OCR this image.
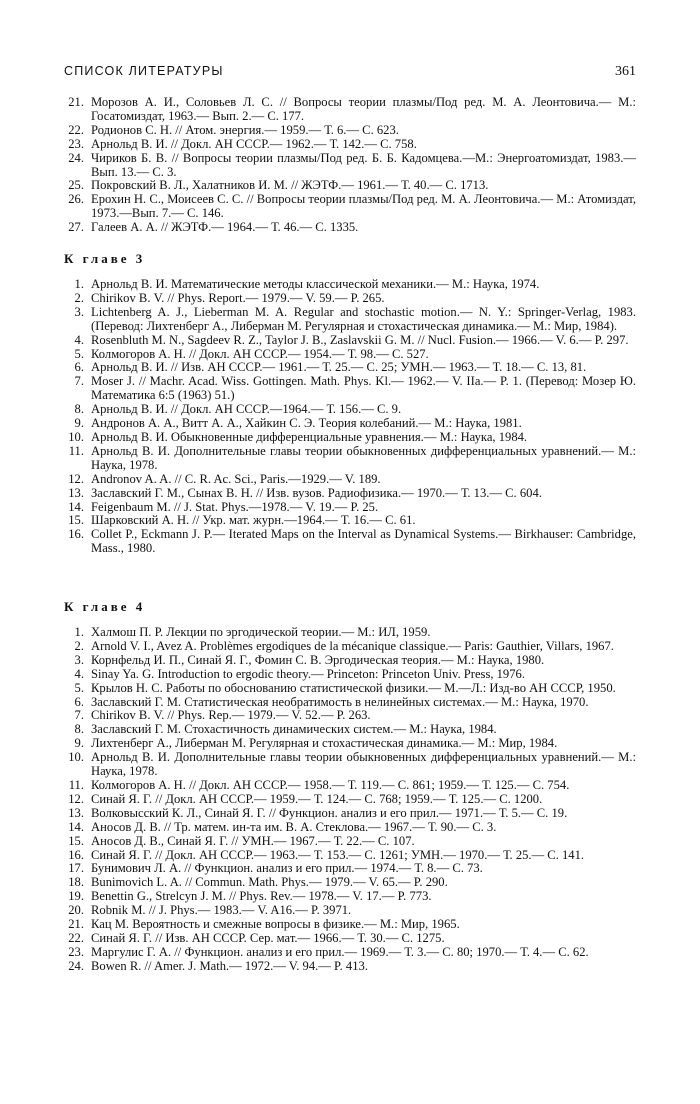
СПИСОК ЛИТЕРАТУРЫ	361
21. Морозов А. И., Соловьев Л. С. // Вопросы теории плазмы/Под ред. М. А. Леонтовича.— М.: Госатомиздат, 1963.— Вып. 2.— С. 177.
22. Родионов С. Н. // Атом. энергия.— 1959.— Т. 6.— С. 623.
23. Арнольд В. И. // Докл. АН СССР.— 1962.— Т. 142.— С. 758.
24. Чириков Б. В. // Вопросы теории плазмы/Под ред. Б. Б. Кадомцева.—М.: Энергоатомиздат, 1983.— Вып. 13.— С. 3.
25. Покровский В. Л., Халатников И. М. // ЖЭТФ.— 1961.— Т. 40.— С. 1713.
26. Ерохин Н. С., Моисеев С. С. // Вопросы теории плазмы/Под ред. М. А. Леонтовича.— М.: Атомиздат, 1973.—Вып. 7.— С. 146.
27. Галеев А. А. // ЖЭТФ.— 1964.— Т. 46.— С. 1335.
К главе 3
1. Арнольд В. И. Математические методы классической механики.— М.: Наука, 1974.
2. Chirikov В. V. // Phys. Report.— 1979.— V. 59.— P. 265.
3. Lichtenberg A. J., Lieberman M. A. Regular and stochastic motion.— N. Y.: Springer-Verlag, 1983. (Перевод: Лихтенберг А., Либерман М. Регулярная и стохастическая динамика.— М.: Мир, 1984).
4. Rosenbluth M. N., Sagdeev R. Z., Taylor J. B., Zaslavskii G. M. // Nucl. Fusion.— 1966.— V. 6.— P. 297.
5. Колмогоров А. Н. // Докл. АН СССР.— 1954.— Т. 98.— С. 527.
6. Арнольд В. И. // Изв. АН СССР.— 1961.— Т. 25.— С. 25; УМН.— 1963.— Т. 18.— С. 13, 81.
7. Moser J. // Machr. Acad. Wiss. Gottingen. Math. Phys. Kl.— 1962.— V. IIa.— P. 1. (Перевод: Мозер Ю. Математика 6:5 (1963) 51.)
8. Арнольд В. И. // Докл. АН СССР.—1964.— Т. 156.— С. 9.
9. Андронов А. А., Витт А. А., Хайкин С. Э. Теория колебаний.— М.: Наука, 1981.
10. Арнольд В. И. Обыкновенные дифференциальные уравнения.— М.: Наука, 1984.
11. Арнольд В. И. Дополнительные главы теории обыкновенных дифференциальных уравнений.— М.: Наука, 1978.
12. Andronov A. A. // C. R. Ac. Sci., Paris.—1929.— V. 189.
13. Заславский Г. М., Сынах В. Н. // Изв. вузов. Радиофизика.— 1970.— Т. 13.— С. 604.
14. Feigenbaum M. // J. Stat. Phys.—1978.— V. 19.— P. 25.
15. Шарковский А. Н. // Укр. мат. журн.—1964.— Т. 16.— С. 61.
16. Collet P., Eckmann J. P.— Iterated Maps on the Interval as Dynamical Systems.— Birkhauser: Cambridge, Mass., 1980.
К главе 4
1. Халмош П. Р. Лекции по эргодической теории.— М.: ИЛ, 1959.
2. Arnold V. I., Avez A. Problèmes ergodiques de la mécanique classique.— Paris: Gauthier, Villars, 1967.
3. Корнфельд И. П., Синай Я. Г., Фомин С. В. Эргодическая теория.— М.: Наука, 1980.
4. Sinay Ya. G. Introduction to ergodic theory.— Princeton: Princeton Univ. Press, 1976.
5. Крылов Н. С. Работы по обоснованию статистической физики.— М.—Л.: Изд-во АН СССР, 1950.
6. Заславский Г. М. Статистическая необратимость в нелинейных системах.— М.: Наука, 1970.
7. Chirikov В. V. // Phys. Rep.— 1979.— V. 52.— P. 263.
8. Заславский Г. М. Стохастичность динамических систем.— М.: Наука, 1984.
9. Лихтенберг А., Либерман М. Регулярная и стохастическая динамика.— М.: Мир, 1984.
10. Арнольд В. И. Дополнительные главы теории обыкновенных дифференциальных уравнений.— М.: Наука, 1978.
11. Колмогоров А. Н. // Докл. АН СССР.— 1958.— Т. 119.— С. 861; 1959.— Т. 125.— С. 754.
12. Синай Я. Г. // Докл. АН СССР.— 1959.— Т. 124.— С. 768; 1959.— Т. 125.— С. 1200.
13. Волковысский К. Л., Синай Я. Г. // Функцион. анализ и его прил.— 1971.— Т. 5.— С. 19.
14. Аносов Д. В. // Тр. матем. ин-та им. В. А. Стеклова.— 1967.— Т. 90.— С. 3.
15. Аносов Д. В., Синай Я. Г. // УМН.— 1967.— Т. 22.— С. 107.
16. Синай Я. Г. // Докл. АН СССР.— 1963.— Т. 153.— С. 1261; УМН.— 1970.— Т. 25.— С. 141.
17. Бунимович Л. А. // Функцион. анализ и его прил.— 1974.— Т. 8.— С. 73.
18. Bunimovich L. A. // Commun. Math. Phys.— 1979.— V. 65.— P. 290.
19. Benettin G., Strelcyn J. M. // Phys. Rev.— 1978.— V. 17.— P. 773.
20. Robnik M. // J. Phys.— 1983.— V. A16.— P. 3971.
21. Кац М. Вероятность и смежные вопросы в физике.— М.: Мир, 1965.
22. Синай Я. Г. // Изв. АН СССР. Сер. мат.— 1966.— Т. 30.— С. 1275.
23. Маргулис Г. А. // Функцион. анализ и его прил.— 1969.— Т. 3.— С. 80; 1970.— Т. 4.— С. 62.
24. Bowen R. // Amer. J. Math.— 1972.— V. 94.— P. 413.
